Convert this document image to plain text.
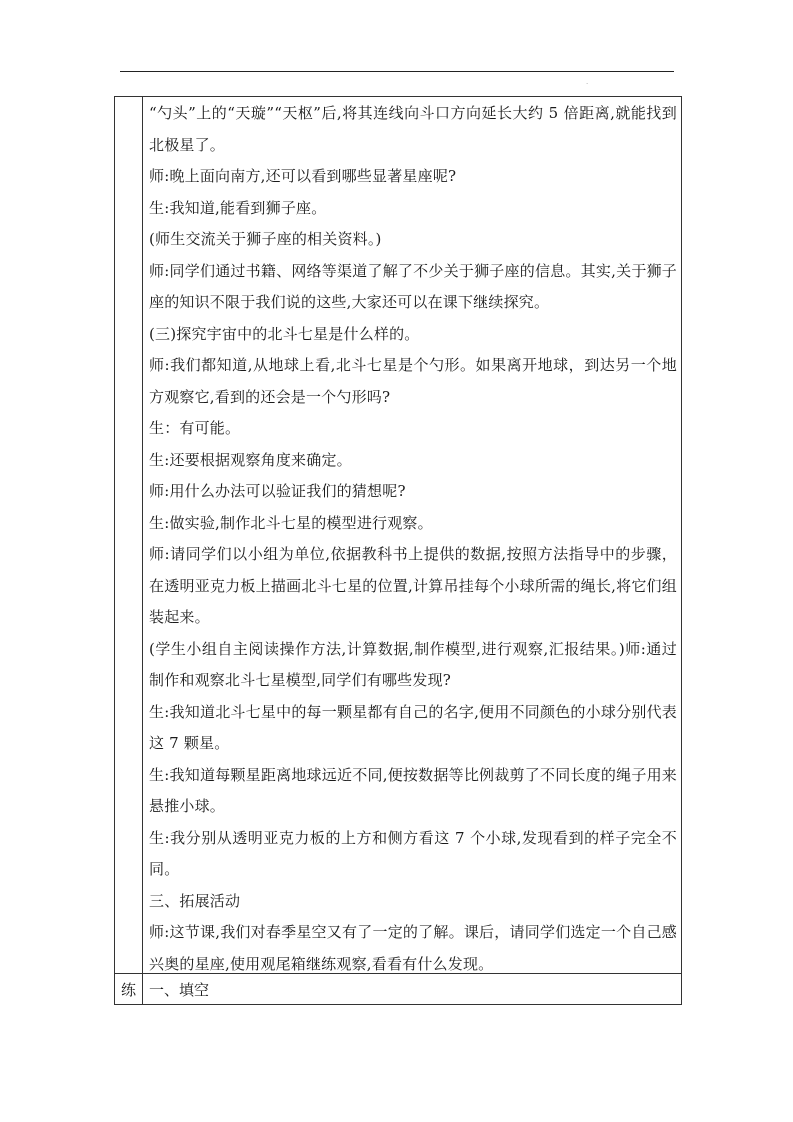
·

“勺头”上的“天璇”“天枢”后,将其连线向斗口方向延长大约 5 倍距离,就能找到北极星了。

师:晚上面向南方,还可以看到哪些显著星座呢?

生:我知道,能看到狮子座。

(师生交流关于狮子座的相关资料。)

师:同学们通过书籍、网络等渠道了解了不少关于狮子座的信息。其实,关于狮子座的知识不限于我们说的这些,大家还可以在课下继续探究。

(三)探究宇宙中的北斗七星是什么样的。

师:我们都知道,从地球上看,北斗七星是个勺形。如果离开地球，到达另一个地方观察它,看到的还会是一个勺形吗?

生：有可能。

生:还要根据观察角度来确定。

师:用什么办法可以验证我们的猜想呢?

生:做实验,制作北斗七星的模型进行观察。

师:请同学们以小组为单位,依据教科书上提供的数据,按照方法指导中的步骤，在透明亚克力板上描画北斗七星的位置,计算吊挂每个小球所需的绳长,将它们组装起来。

(学生小组自主阅读操作方法,计算数据,制作模型,进行观察,汇报结果。)师:通过制作和观察北斗七星模型,同学们有哪些发现?

生:我知道北斗七星中的每一颗星都有自己的名字,便用不同颜色的小球分别代表这 7 颗星。

生:我知道每颗星距离地球远近不同,便按数据等比例裁剪了不同长度的绳子用来悬推小球。

生:我分别从透明亚克力板的上方和侧方看这 7 个小球,发现看到的样子完全不同。

三、拓展活动

师:这节课,我们对春季星空又有了一定的了解。课后，请同学们选定一个自己感兴奥的星座,使用观尾箱继练观察,看看有什么发现。

练 一、填空
